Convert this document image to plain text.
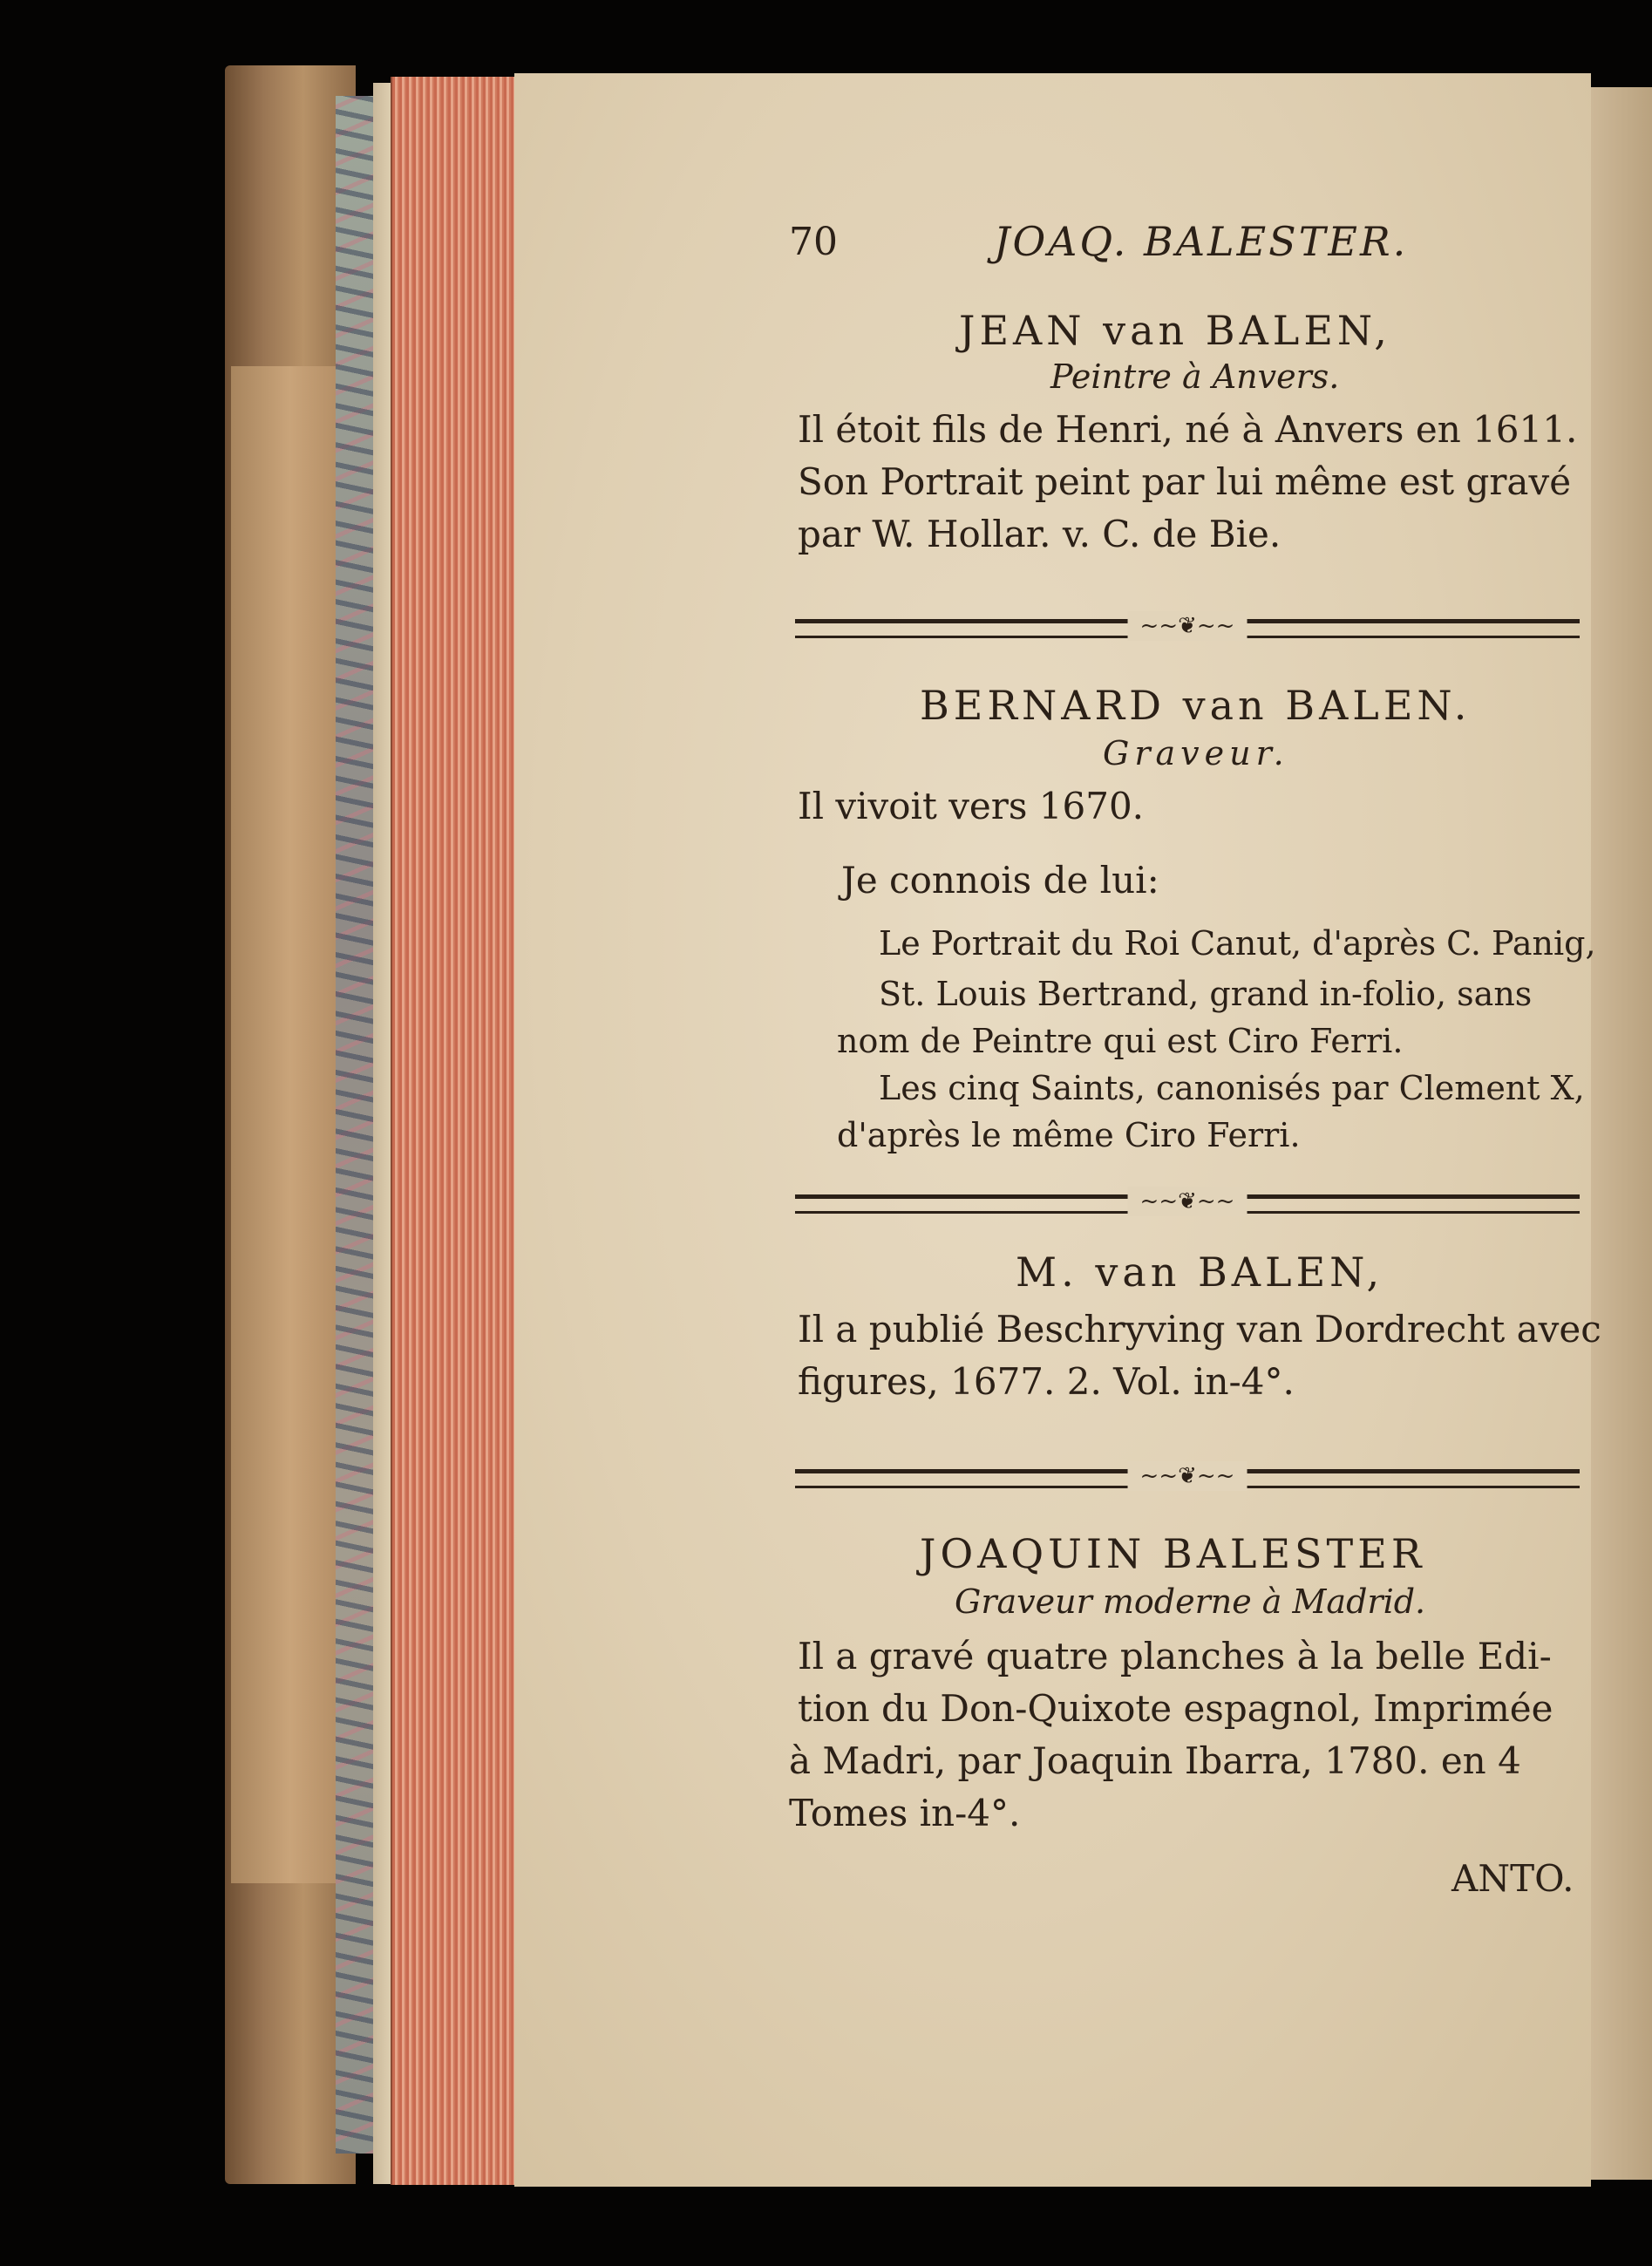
70	JOAQ. BALESTER.
JEAN van BALEN,
Peintre à Anvers.
Il étoit fils de Henri, né à Anvers en 1611.
Son Portrait peint par lui même est gravé
par W. Hollar. v. C. de Bie.
~~❦~~
BERNARD van BALEN.
Graveur.
Il vivoit vers 1670.
Je connois de lui:
Le Portrait du Roi Canut, d'après C. Panig,
St. Louis Bertrand, grand in-folio, sans
nom de Peintre qui est Ciro Ferri.
Les cinq Saints, canonisés par Clement X,
d'après le même Ciro Ferri.
~~❦~~
M. van BALEN,
Il a publié Beschryving van Dordrecht avec
figures, 1677. 2. Vol. in-4°.
~~❦~~
JOAQUIN BALESTER
Graveur moderne à Madrid.
Il a gravé quatre planches à la belle Edi-
tion du Don-Quixote espagnol, Imprimée
à Madri, par Joaquin Ibarra, 1780. en 4
Tomes in-4°.
ANTO.
